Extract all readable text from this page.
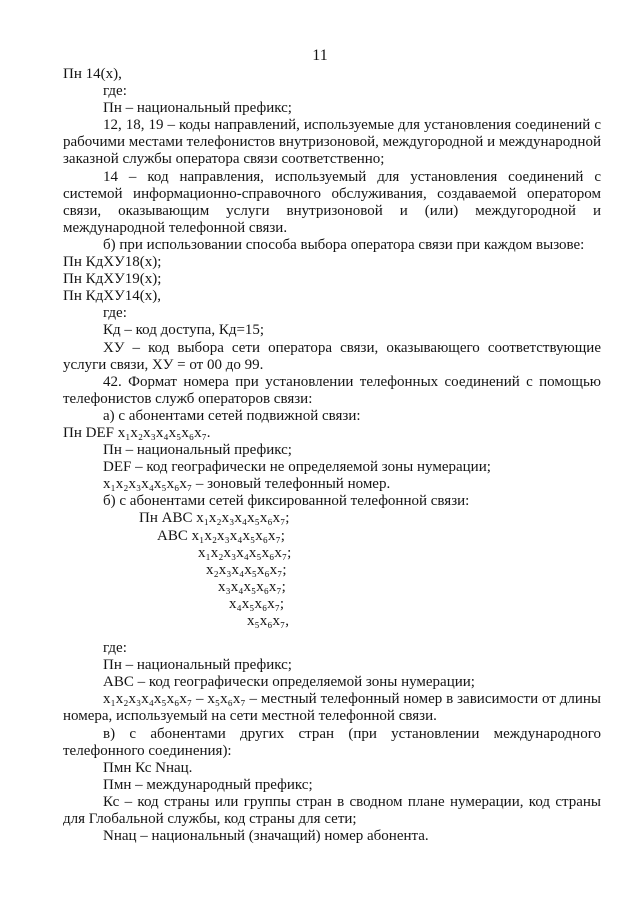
11

Пн 14(x),

где:

Пн – национальный префикс;

12, 18, 19 – коды направлений, используемые для установления соединений с рабочими местами телефонистов внутризоновой, междугородной и международной заказной службы оператора связи соответственно;

14 – код направления, используемый для установления соединений с системой информационно-справочного обслуживания, создаваемой оператором связи, оказывающим услуги внутризоновой и (или) междугородной и международной телефонной связи.

б) при использовании способа выбора оператора связи при каждом вызове:

Пн КдХУ18(x);

Пн КдХУ19(x);

Пн КдХУ14(x),

где:

Кд – код доступа, Кд=15;

ХУ – код выбора сети оператора связи, оказывающего соответствующие услуги связи, ХУ = от 00 до 99.

42. Формат номера при установлении телефонных соединений с помощью телефонистов служб операторов связи:

а) с абонентами сетей подвижной связи:

Пн DEF x₁x₂x₃x₄x₅x₆x₇.

Пн – национальный префикс;

DEF – код географически не определяемой зоны нумерации;

x₁x₂x₃x₄x₅x₆x₇ – зоновый телефонный номер.

б) с абонентами сетей фиксированной телефонной связи:

Пн ABC x₁x₂x₃x₄x₅x₆x₇;

ABC x₁x₂x₃x₄x₅x₆x₇;

x₁x₂x₃x₄x₅x₆x₇;

x₂x₃x₄x₅x₆x₇;

x₃x₄x₅x₆x₇;

x₄x₅x₆x₇;

x₅x₆x₇,

где:

Пн – национальный префикс;

ABC – код географически определяемой зоны нумерации;

x₁x₂x₃x₄x₅x₆x₇ – x₅x₆x₇ – местный телефонный номер в зависимости от длины номера, используемый на сети местной телефонной связи.

в) с абонентами других стран (при установлении международного телефонного соединения):

Пмн Кс Nнац.

Пмн – международный префикс;

Кс – код страны или группы стран в сводном плане нумерации, код страны для Глобальной службы, код страны для сети;

Nнац – национальный (значащий) номер абонента.
